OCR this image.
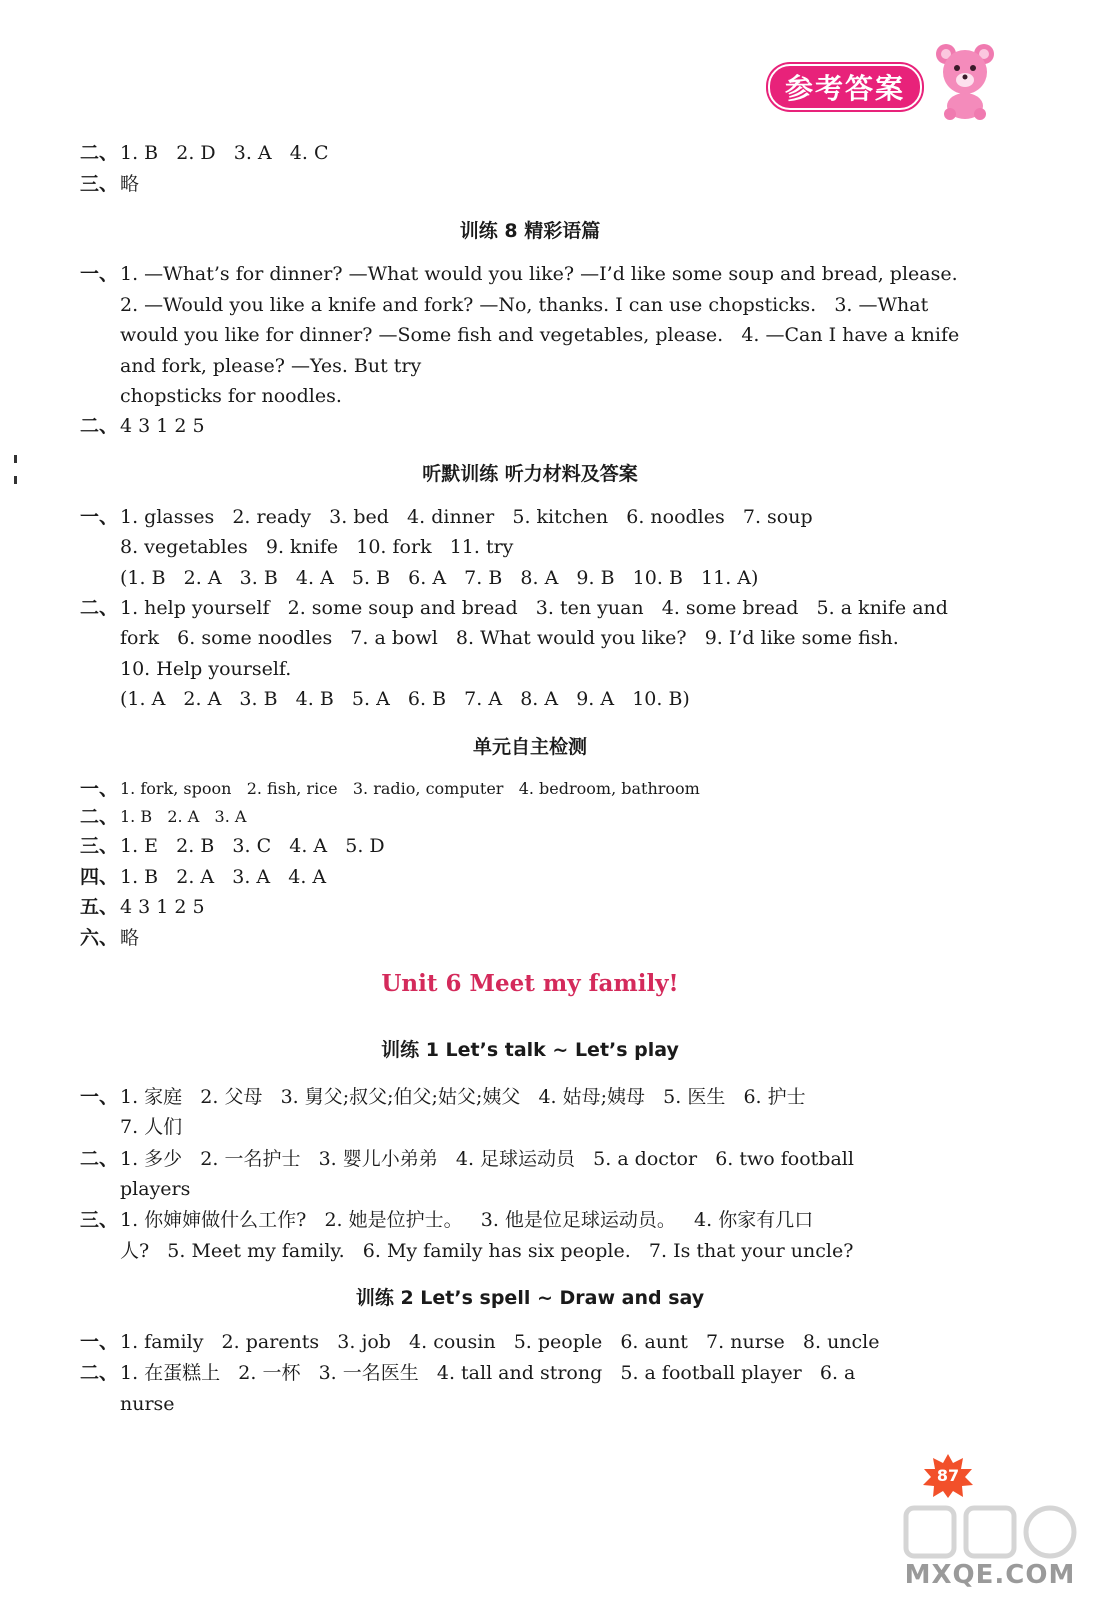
参考答案
二、 1. B   2. D   3. A   4. C
三、 略
训练 8 精彩语篇
一、 1. —What’s for dinner? —What would you like? —I’d like some soup and bread, please.
2. —Would you like a knife and fork? —No, thanks. I can use chopsticks.   3. —What
would you like for dinner? —Some fish and vegetables, please.   4. —Can I have a knife
and fork, please? —Yes. But try
chopsticks for noodles.
二、 4 3 1 2 5
听默训练 听力材料及答案
一、 1. glasses   2. ready   3. bed   4. dinner   5. kitchen   6. noodles   7. soup
8. vegetables   9. knife   10. fork   11. try
(1. B   2. A   3. B   4. A   5. B   6. A   7. B   8. A   9. B   10. B   11. A)
二、 1. help yourself   2. some soup and bread   3. ten yuan   4. some bread   5. a knife and
fork   6. some noodles   7. a bowl   8. What would you like?   9. I’d like some fish.
10. Help yourself.
(1. A   2. A   3. B   4. B   5. A   6. B   7. A   8. A   9. A   10. B)
单元自主检测
一、 1. fork, spoon   2. fish, rice   3. radio, computer   4. bedroom, bathroom
二、 1. B   2. A   3. A
三、 1. E   2. B   3. C   4. A   5. D
四、 1. B   2. A   3. A   4. A
五、 4 3 1 2 5
六、 略
Unit 6 Meet my family!
训练 1 Let’s talk ~ Let’s play
一、 1. 家庭   2. 父母   3. 舅父;叔父;伯父;姑父;姨父   4. 姑母;姨母   5. 医生   6. 护士
7. 人们
二、 1. 多少   2. 一名护士   3. 婴儿小弟弟   4. 足球运动员   5. a doctor   6. two football
players
三、 1. 你婶婶做什么工作?   2. 她是位护士。   3. 他是位足球运动员。   4. 你家有几口
人?   5. Meet my family.   6. My family has six people.   7. Is that your uncle?
训练 2 Let’s spell ~ Draw and say
一、 1. family   2. parents   3. job   4. cousin   5. people   6. aunt   7. nurse   8. uncle
二、 1. 在蛋糕上   2. 一杯   3. 一名医生   4. tall and strong   5. a football player   6. a
nurse
87
MXQE.COM
